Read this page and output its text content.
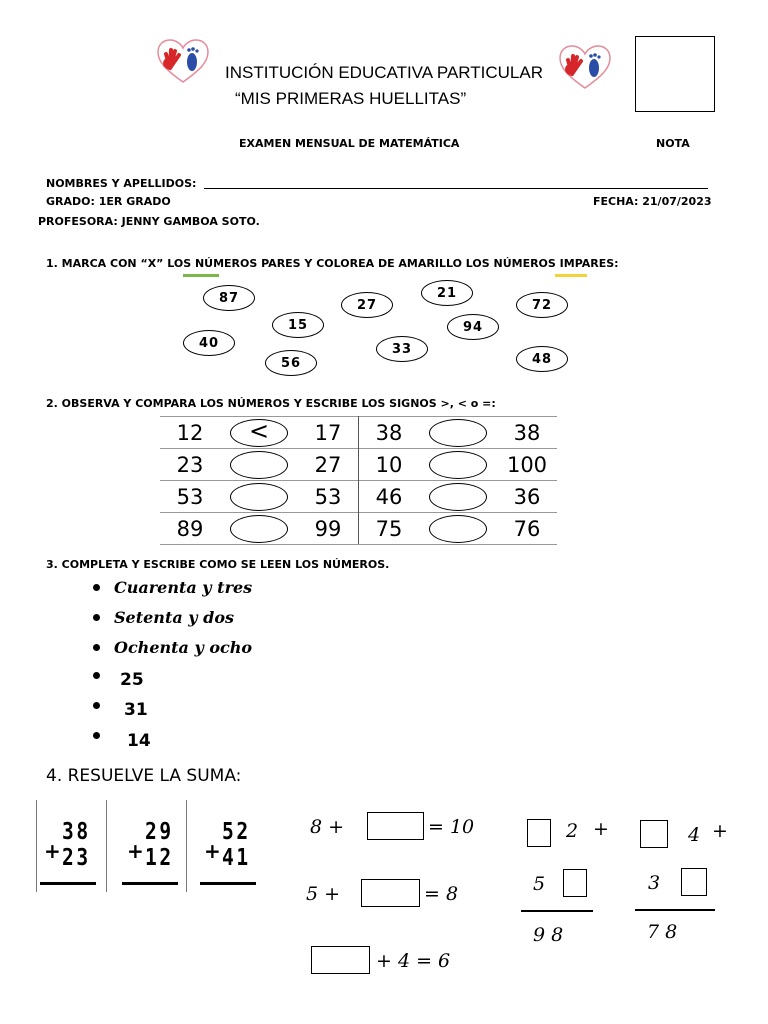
INSTITUCIÓN EDUCATIVA PARTICULAR
“MIS PRIMERAS HUELLITAS”
EXAMEN MENSUAL DE MATEMÁTICA	NOTA
NOMBRES Y APELLIDOS:
GRADO: 1ER GRADO	FECHA: 21/07/2023
PROFESORA: JENNY GAMBOA SOTO.
1. MARCA CON “X” LOS NÚMEROS PARES Y COLOREA DE AMARILLO LOS NÚMEROS IMPARES:
87	27
21
72
15	94
40	33
56	48
2. OBSERVA Y COMPARA LOS NÚMEROS Y ESCRIBE LOS SIGNOS >, < o =:
12	<	17	38		38
23		27	10		100
53		53	46		36
89		99	75		76
3. COMPLETA Y ESCRIBE COMO SE LEEN LOS NÚMEROS.
Cuarenta y tres
Setenta y dos
Ochenta y ocho
25
31
14
4. RESUELVE LA SUMA:
38
23
+
29
12
+
52
41
+
8 +	= 10
5 +	= 8
+ 4 = 6
2 +
5
9 8
4 +
3
7 8
